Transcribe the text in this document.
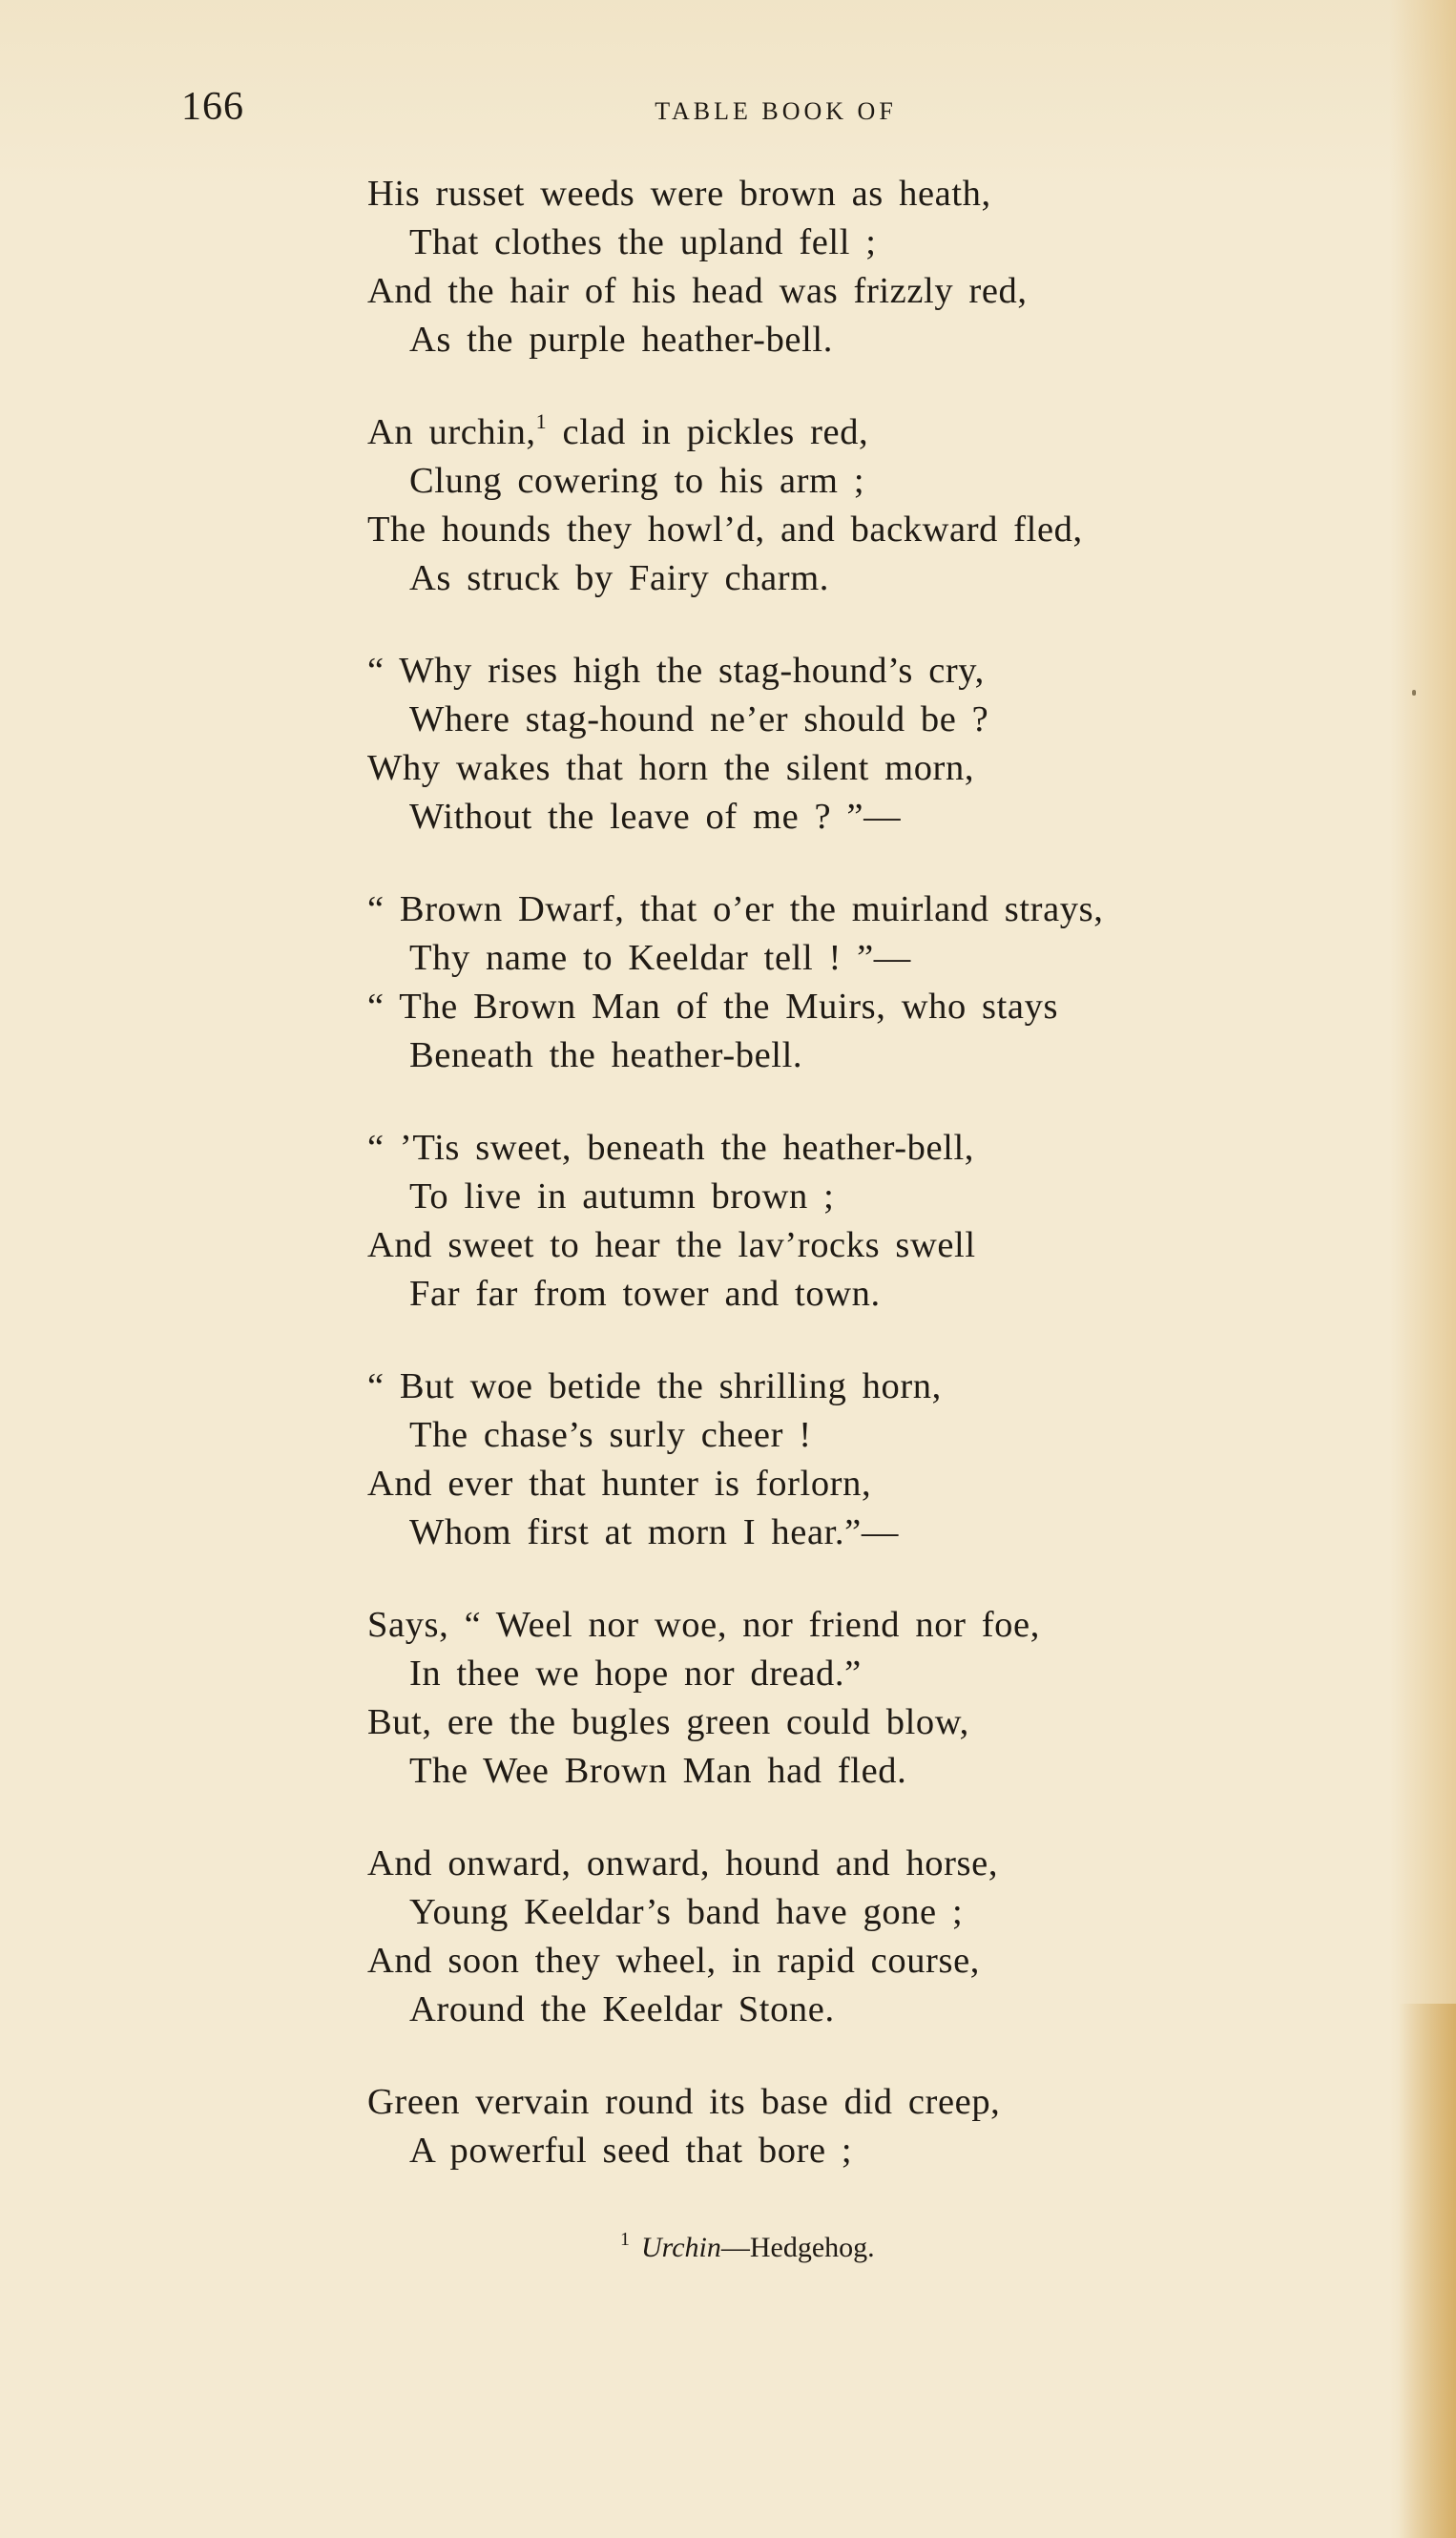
166	TABLE BOOK OF
His russet weeds were brown as heath,
That clothes the upland fell ;
And the hair of his head was frizzly red,
As the purple heather-bell.
An urchin,$^1$ clad in pickles red,
Clung cowering to his arm ;
The hounds they howl’d, and backward fled,
As struck by Fairy charm.
“ Why rises high the stag-hound’s cry,
Where stag-hound ne’er should be ?
Why wakes that horn the silent morn,
Without the leave of me ? ”—
“ Brown Dwarf, that o’er the muirland strays,
Thy name to Keeldar tell ! ”—
“ The Brown Man of the Muirs, who stays
Beneath the heather-bell.
“ ’Tis sweet, beneath the heather-bell,
To live in autumn brown ;
And sweet to hear the lav’rocks swell
Far far from tower and town.
“ But woe betide the shrilling horn,
The chase’s surly cheer !
And ever that hunter is forlorn,
Whom first at morn I hear.”—
Says, “ Weel nor woe, nor friend nor foe,
In thee we hope nor dread.”
But, ere the bugles green could blow,
The Wee Brown Man had fled.
And onward, onward, hound and horse,
Young Keeldar’s band have gone ;
And soon they wheel, in rapid course,
Around the Keeldar Stone.
Green vervain round its base did creep,
A powerful seed that bore ;
$^1$ Urchin—Hedgehog.
